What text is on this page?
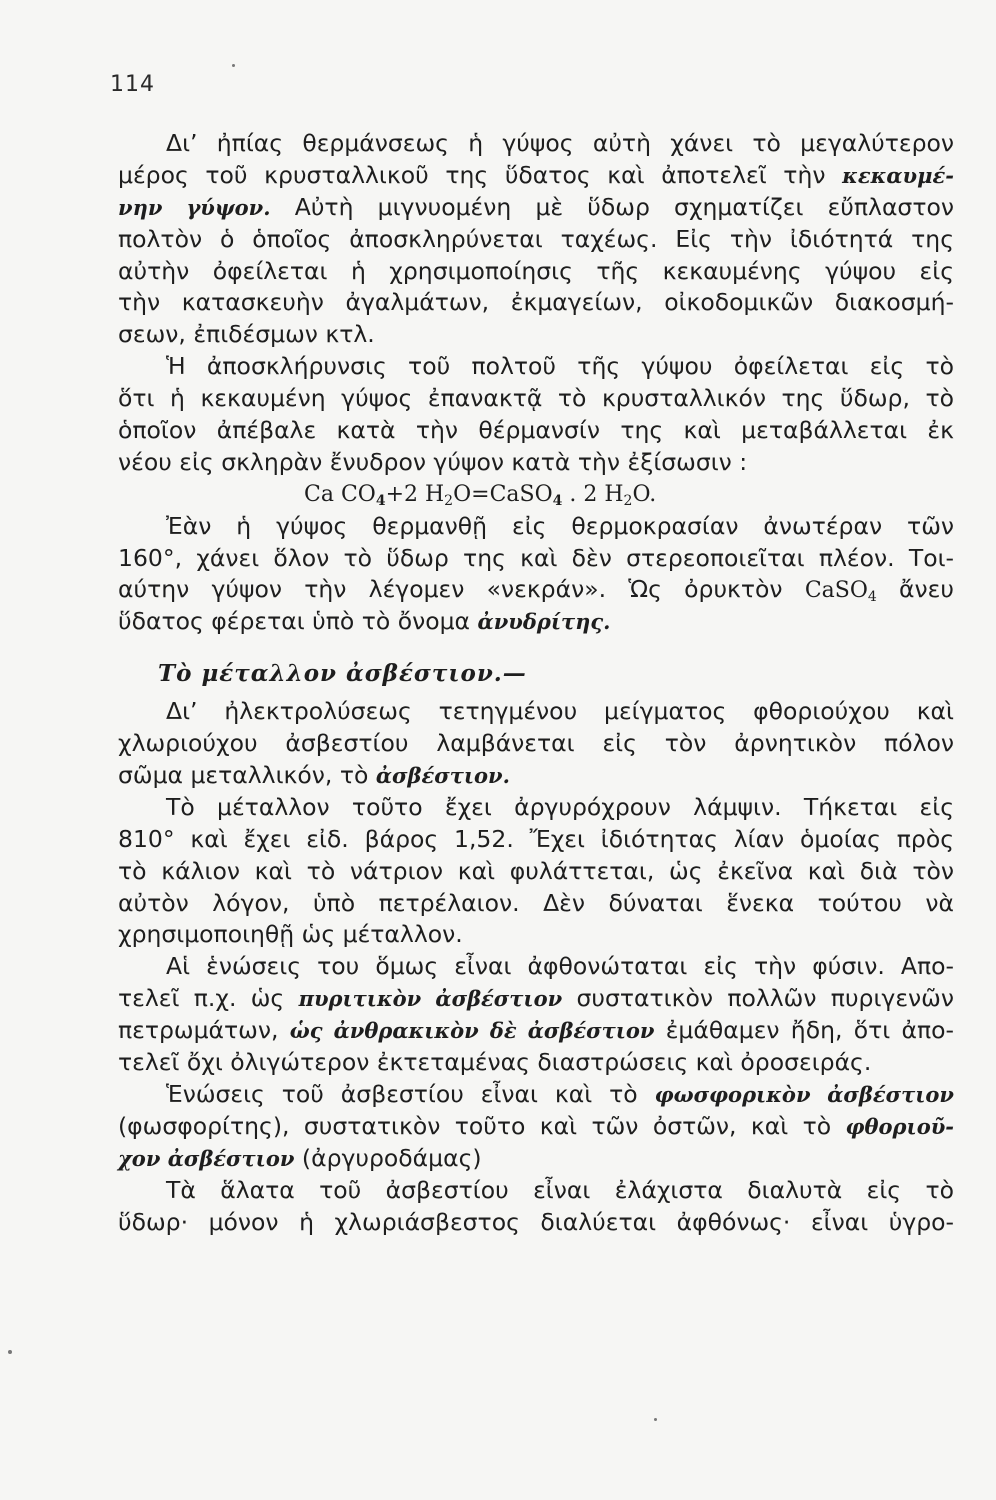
114
Δι’ ἠπίας θερμάνσεως ἡ γύψος αὐτὴ χάνει τὸ μεγαλύτερον
μέρος τοῦ κρυσταλλικοῦ της ὕδατος καὶ ἀποτελεῖ τὴν κεκαυμέ-
νην γύψον. Αὐτὴ μιγνυομένη μὲ ὕδωρ σχηματίζει εὔπλαστον
πολτὸν ὁ ὁποῖος ἀποσκληρύνεται ταχέως. Εἰς τὴν ἰδιότητά της
αὐτὴν ὀφείλεται ἡ χρησιμοποίησις τῆς κεκαυμένης γύψου εἰς
τὴν κατασκευὴν ἀγαλμάτων, ἐκμαγείων, οἰκοδομικῶν διακοσμή-
σεων, ἐπιδέσμων κτλ.
Ἡ ἀποσκλήρυνσις τοῦ πολτοῦ τῆς γύψου ὀφείλεται εἰς τὸ
ὅτι ἡ κεκαυμένη γύψος ἐπανακτᾷ τὸ κρυσταλλικόν της ὕδωρ, τὸ
ὁποῖον ἀπέβαλε κατὰ τὴν θέρμανσίν της καὶ μεταβάλλεται ἐκ
νέου εἰς σκληρὰν ἔνυδρον γύψον κατὰ τὴν ἐξίσωσιν :
Ca $CO_4+2$ $H_2O=CaSO_4$ . 2 $H_2O$.
Ἐὰν ἡ γύψος θερμανθῇ εἰς θερμοκρασίαν ἀνωτέραν τῶν
160°, χάνει ὅλον τὸ ὕδωρ της καὶ δὲν στερεοποιεῖται πλέον. Τοι-
αύτην γύψον τὴν λέγομεν «νεκράν». Ὡς ὀρυκτὸν CaSO4 ἄνευ
ὕδατος φέρεται ὑπὸ τὸ ὄνομα ἀνυδρίτης.
Τὸ μέταλλον ἀσβέστιον.—
Δι’ ἠλεκτρολύσεως τετηγμένου μείγματος φθοριούχου καὶ
χλωριούχου ἀσβεστίου λαμβάνεται εἰς τὸν ἀρνητικὸν πόλον
σῶμα μεταλλικόν, τὸ ἀσβέστιον.
Τὸ μέταλλον τοῦτο ἔχει ἀργυρόχρουν λάμψιν. Τήκεται εἰς
810° καὶ ἔχει εἰδ. βάρος 1,52. Ἔχει ἰδιότητας λίαν ὁμοίας πρὸς
τὸ κάλιον καὶ τὸ νάτριον καὶ φυλάττεται, ὡς ἐκεῖνα καὶ διὰ τὸν
αὐτὸν λόγον, ὑπὸ πετρέλαιον. Δὲν δύναται ἕνεκα τούτου νὰ
χρησιμοποιηθῇ ὡς μέταλλον.
Αἱ ἑνώσεις του ὅμως εἶναι ἀφθονώταται εἰς τὴν φύσιν. Απο-
τελεῖ π.χ. ὡς πυριτικὸν ἀσβέστιον συστατικὸν πολλῶν πυριγενῶν
πετρωμάτων, ὡς ἀνθρακικὸν δὲ ἀσβέστιον ἐμάθαμεν ἤδη, ὅτι ἀπο-
τελεῖ ὄχι ὀλιγώτερον ἐκτεταμένας διαστρώσεις καὶ ὀροσειράς.
Ἑνώσεις τοῦ ἀσβεστίου εἶναι καὶ τὸ φωσφορικὸν ἀσβέστιον
(φωσφορίτης), συστατικὸν τοῦτο καὶ τῶν ὀστῶν, καὶ τὸ φθοριοῦ-
χον ἀσβέστιον (ἀργυροδάμας)
Τὰ ἅλατα τοῦ ἀσβεστίου εἶναι ἐλάχιστα διαλυτὰ εἰς τὸ
ὕδωρ· μόνον ἡ χλωριάσβεστος διαλύεται ἀφθόνως· εἶναι ὑγρο-
